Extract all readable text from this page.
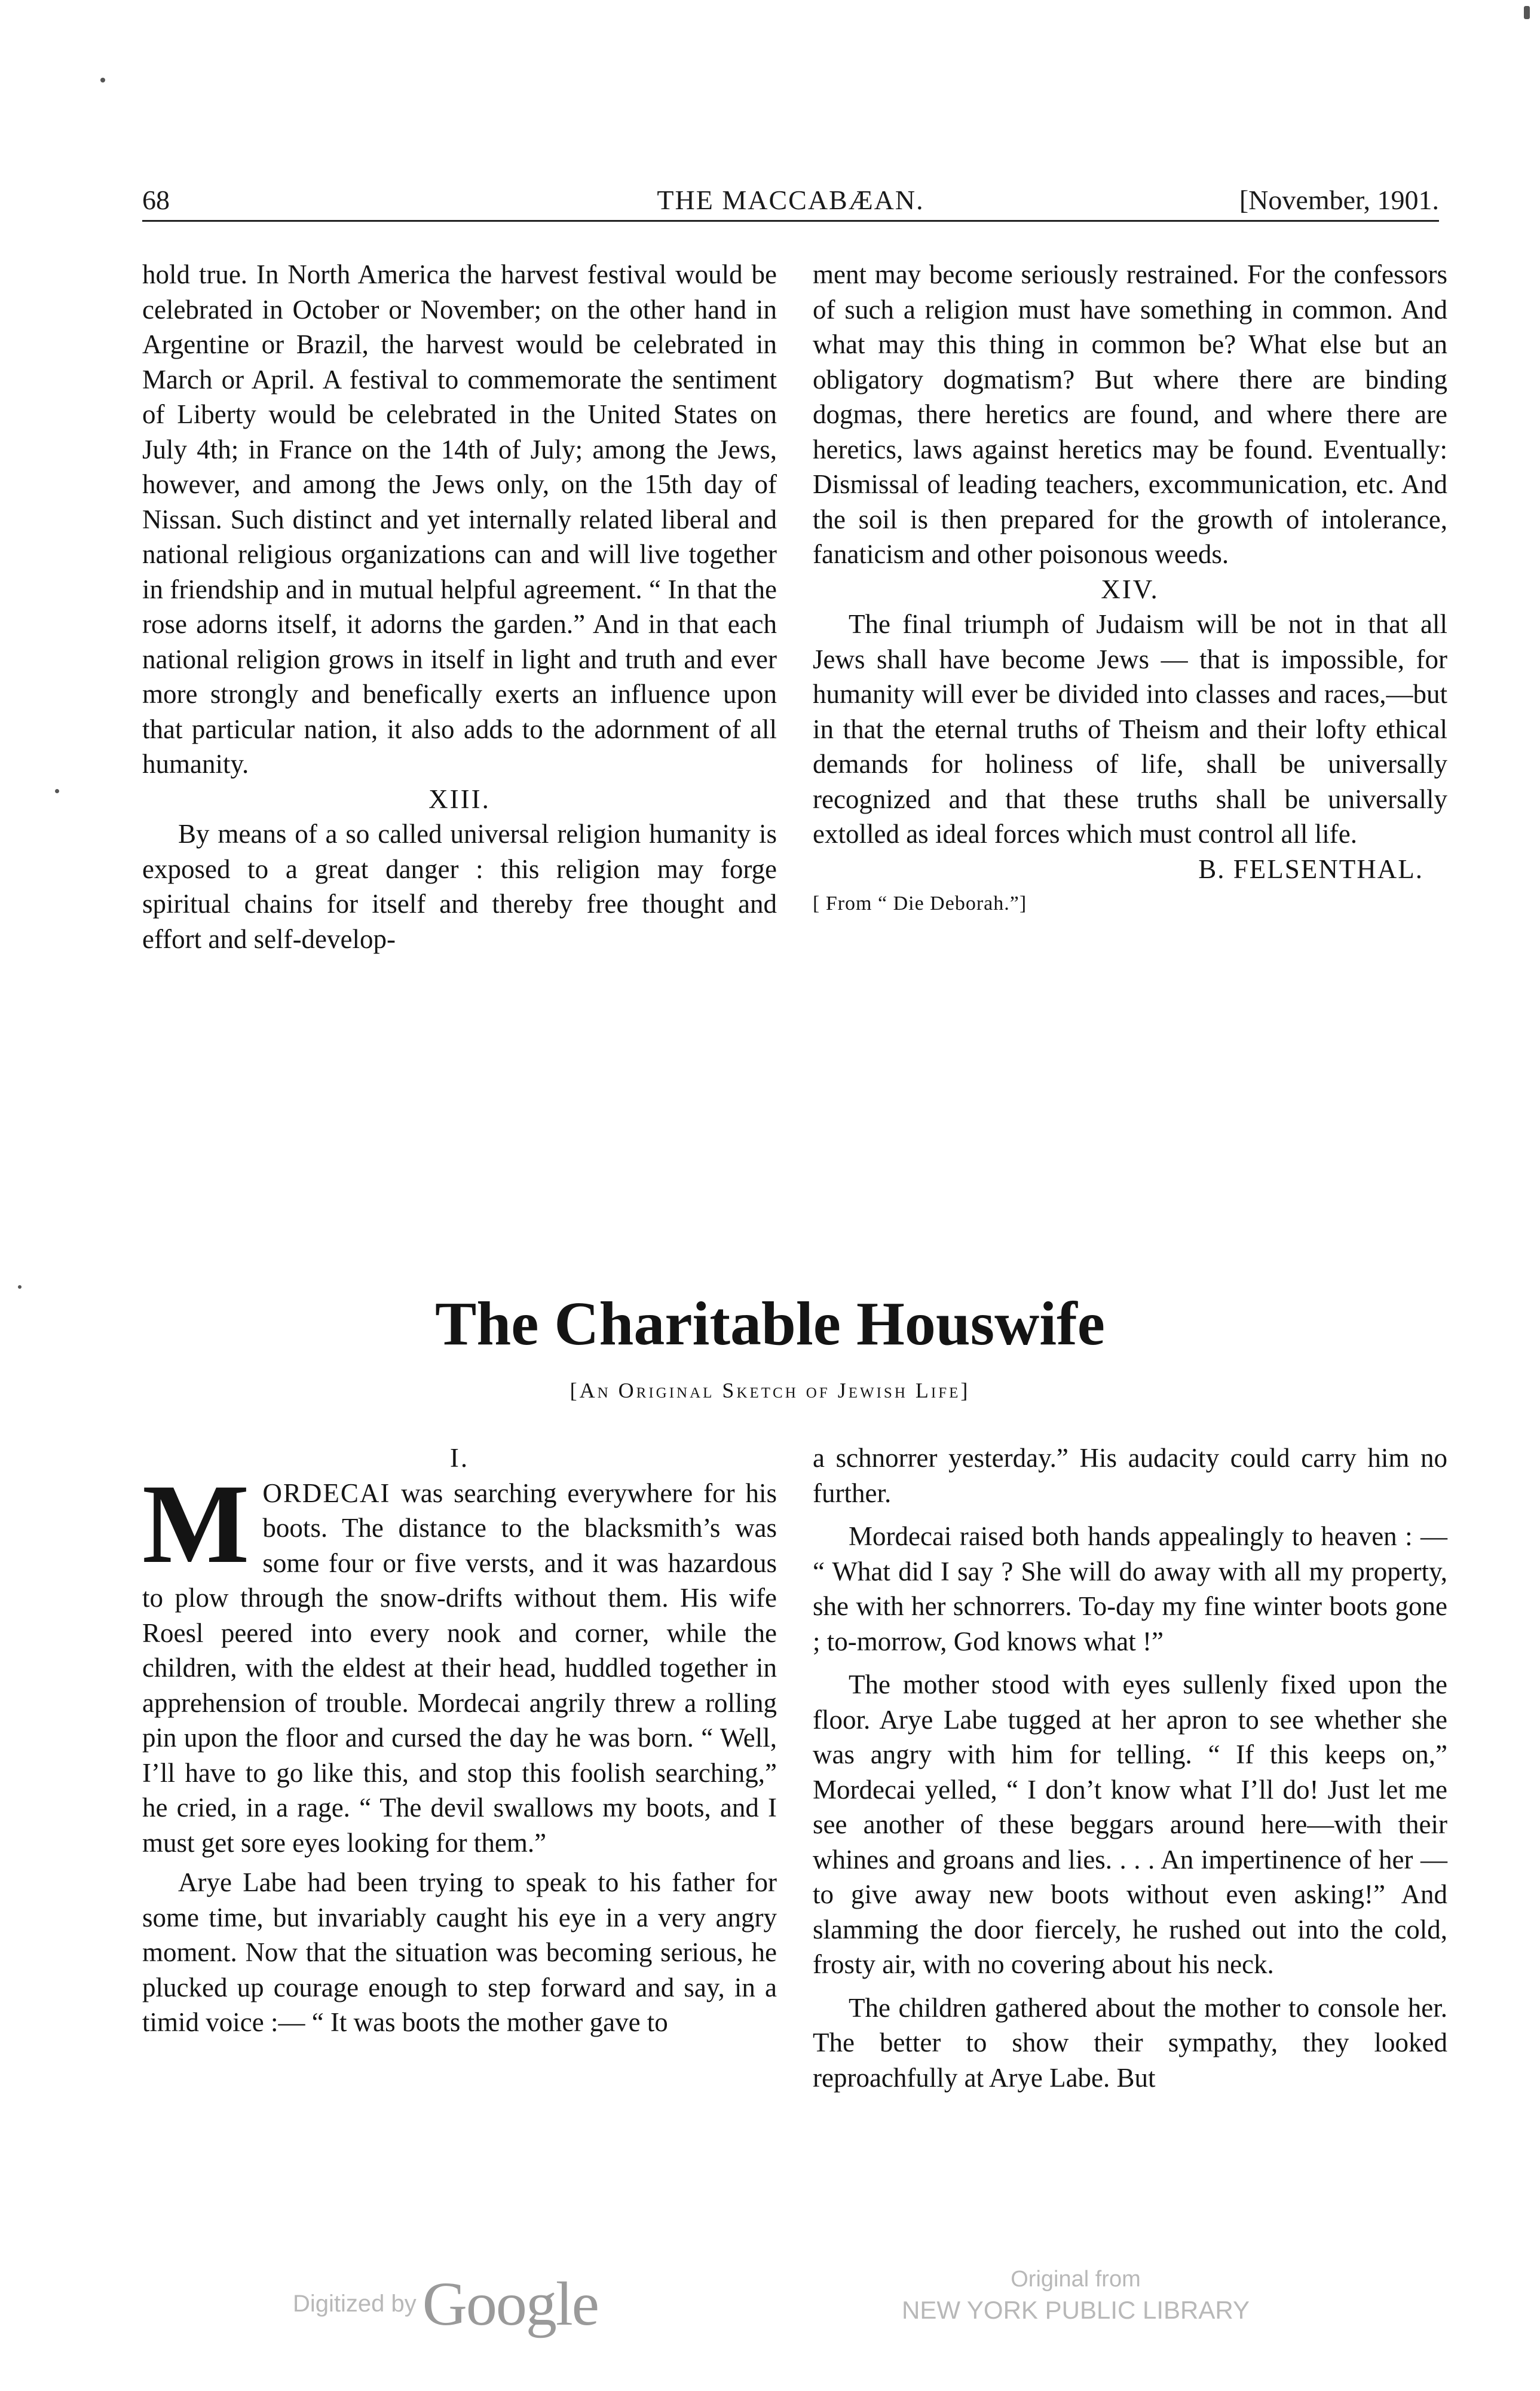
68	THE MACCABÆAN.	[November, 1901.

hold true. In North America the harvest festival would be celebrated in October or November; on the other hand in Argentine or Brazil, the harvest would be celebrated in March or April. A festival to commemorate the sentiment of Liberty would be celebrated in the United States on July 4th; in France on the 14th of July; among the Jews, however, and among the Jews only, on the 15th day of Nissan. Such distinct and yet internally related liberal and national religious organizations can and will live together in friendship and in mutual helpful agreement. “ In that the rose adorns itself, it adorns the garden.” And in that each national religion grows in itself in light and truth and ever more strongly and benefically exerts an influence upon that particular nation, it also adds to the adornment of all humanity.

XIII.

By means of a so called universal religion humanity is exposed to a great danger : this religion may forge spiritual chains for itself and thereby free thought and effort and self-develop-

ment may become seriously restrained. For the confessors of such a religion must have something in common. And what may this thing in common be? What else but an obligatory dogmatism? But where there are binding dogmas, there heretics are found, and where there are heretics, laws against heretics may be found. Eventually: Dismissal of leading teachers, excommunication, etc. And the soil is then prepared for the growth of intolerance, fanaticism and other poisonous weeds.

XIV.

The final triumph of Judaism will be not in that all Jews shall have become Jews — that is impossible, for humanity will ever be divided into classes and races,—but in that the eternal truths of Theism and their lofty ethical demands for holiness of life, shall be universally recognized and that these truths shall be universally extolled as ideal forces which must control all life.

B. FELSENTHAL.

[ From “ Die Deborah.”]

The Charitable Houswife
[An Original Sketch of Jewish Life]

I.

MORDECAI was searching everywhere for his boots. The distance to the blacksmith’s was some four or five versts, and it was hazardous to plow through the snow-drifts without them. His wife Roesl peered into every nook and corner, while the children, with the eldest at their head, huddled together in apprehension of trouble. Mordecai angrily threw a rolling pin upon the floor and cursed the day he was born. “ Well, I’ll have to go like this, and stop this foolish searching,” he cried, in a rage. “ The devil swallows my boots, and I must get sore eyes looking for them.”

Arye Labe had been trying to speak to his father for some time, but invariably caught his eye in a very angry moment. Now that the situation was becoming serious, he plucked up courage enough to step forward and say, in a timid voice :— “ It was boots the mother gave to

a schnorrer yesterday.” His audacity could carry him no further.

Mordecai raised both hands appealingly to heaven : — “ What did I say ? She will do away with all my property, she with her schnorrers. To-day my fine winter boots gone ; to-morrow, God knows what !”

The mother stood with eyes sullenly fixed upon the floor. Arye Labe tugged at her apron to see whether she was angry with him for telling. “ If this keeps on,” Mordecai yelled, “ I don’t know what I’ll do! Just let me see another of these beggars around here—with their whines and groans and lies. . . . An impertinence of her — to give away new boots without even asking!” And slamming the door fiercely, he rushed out into the cold, frosty air, with no covering about his neck.

The children gathered about the mother to console her. The better to show their sympathy, they looked reproachfully at Arye Labe. But

Digitized byGoogle	Original from
NEW YORK PUBLIC LIBRARY
